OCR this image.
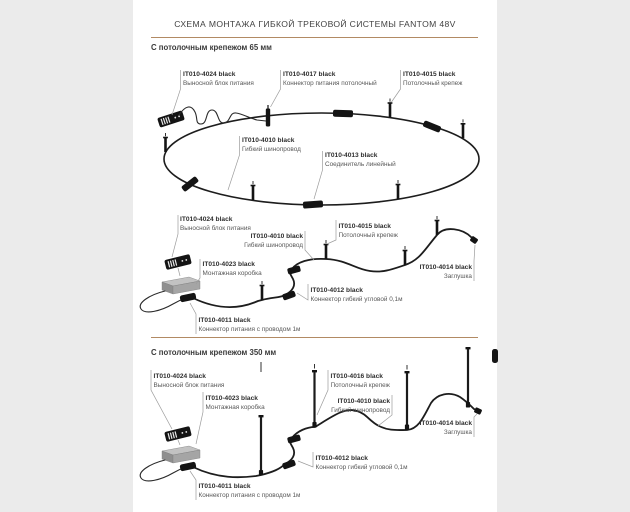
СХЕМА МОНТАЖА ГИБКОЙ ТРЕКОВОЙ СИСТЕМЫ FANTOM 48V
С потолочным крепежом 65 мм
IT010-4024 black
Выносной блок питания
IT010-4017 black
Коннектор питания потолочный
IT010-4015 black
Потолочный крепеж
IT010-4010 black
Гибкий шинопровод
IT010-4013 black
Соединитель линейный
IT010-4024 black
Выносной блок питания
IT010-4023 black
Монтажная коробка
IT010-4010 black
Гибкий шинопровод
IT010-4015 black
Потолочный крепеж
IT010-4014 black
Заглушка
IT010-4012 black
Коннектор гибкий угловой 0,1м
IT010-4011 black
Коннектор питания с проводом 1м
С потолочным крепежом 350 мм
IT010-4024 black
Выносной блок питания
IT010-4023 black
Монтажная коробка
IT010-4016 black
Потолочный крепеж
IT010-4010 black
Гибкий шинопровод
IT010-4014 black
Заглушка
IT010-4012 black
Коннектор гибкий угловой 0,1м
IT010-4011 black
Коннектор питания с проводом 1м
